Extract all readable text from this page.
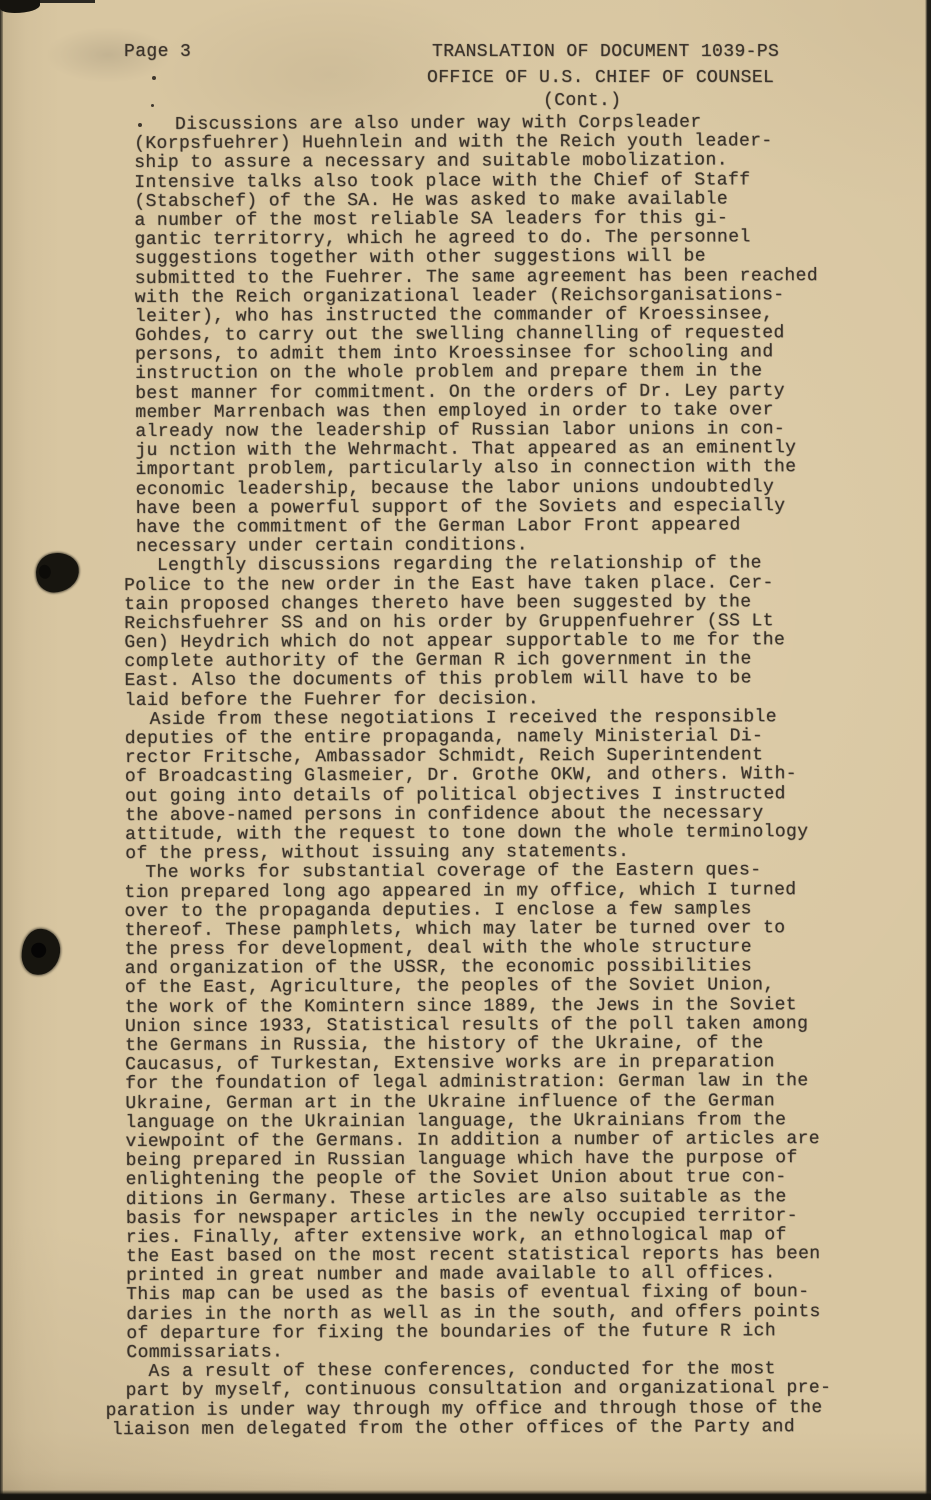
Page 3	TRANSLATION OF DOCUMENT 1039-PS
OFFICE OF U.S. CHIEF OF COUNSEL
(Cont.)
Discussions are also under way with Corpsleader
(Korpsfuehrer) Huehnlein and with the Reich youth leader-
ship to assure a necessary and suitable mobolization.
Intensive talks also took place with the Chief of Staff
(Stabschef) of the SA. He was asked to make available
a number of the most reliable SA leaders for this gi-
gantic territorry, which he agreed to do. The personnel
suggestions together with other suggestions will be
submitted to the Fuehrer. The same agreement has been reached
with the Reich organizational leader (Reichsorganisations-
leiter), who has instructed the commander of Kroessinsee,
Gohdes, to carry out the swelling channelling of requested
persons, to admit them into Kroessinsee for schooling and
instruction on the whole problem and prepare them in the
best manner for commitment. On the orders of Dr. Ley party
member Marrenbach was then employed in order to take over
already now the leadership of Russian labor unions in con-
ju nction with the Wehrmacht. That appeared as an eminently
important problem, particularly also in connection with the
economic leadership, because the labor unions undoubtedly
have been a powerful support of the Soviets and especially
have the commitment of the German Labor Front appeared
necessary under certain conditions.
Lengthly discussions regarding the relationship of the
Police to the new order in the East have taken place. Cer-
tain proposed changes thereto have been suggested by the
Reichsfuehrer SS and on his order by Gruppenfuehrer (SS Lt
Gen) Heydrich which do not appear supportable to me for the
complete authority of the German R ich government in the
East. Also the documents of this problem will have to be
laid before the Fuehrer for decision.
Aside from these negotiations I received the responsible
deputies of the entire propaganda, namely Ministerial Di-
rector Fritsche, Ambassador Schmidt, Reich Superintendent
of Broadcasting Glasmeier, Dr. Grothe OKW, and others. With-
out going into details of political objectives I instructed
the above-named persons in confidence about the necessary
attitude, with the request to tone down the whole terminology
of the press, without issuing any statements.
The works for substantial coverage of the Eastern ques-
tion prepared long ago appeared in my office, which I turned
over to the propaganda deputies. I enclose a few samples
thereof. These pamphlets, which may later be turned over to
the press for development, deal with the whole structure
and organization of the USSR, the economic possibilities
of the East, Agriculture, the peoples of the Soviet Union,
the work of the Komintern since 1889, the Jews in the Soviet
Union since 1933, Statistical results of the poll taken among
the Germans in Russia, the history of the Ukraine, of the
Caucasus, of Turkestan, Extensive works are in preparation
for the foundation of legal administration: German law in the
Ukraine, German art in the Ukraine influence of the German
language on the Ukrainian language, the Ukrainians from the
viewpoint of the Germans. In addition a number of articles are
being prepared in Russian language which have the purpose of
enlightening the people of the Soviet Union about true con-
ditions in Germany. These articles are also suitable as the
basis for newspaper articles in the newly occupied territor-
ries. Finally, after extensive work, an ethnological map of
the East based on the most recent statistical reports has been
printed in great number and made available to all offices.
This map can be used as the basis of eventual fixing of boun-
daries in the north as well as in the south, and offers points
of departure for fixing the boundaries of the future R ich
Commissariats.
As a result of these conferences, conducted for the most
part by myself, continuous consultation and organizational pre-
paration is under way through my office and through those of the
liaison men delegated from the other offices of the Party and
